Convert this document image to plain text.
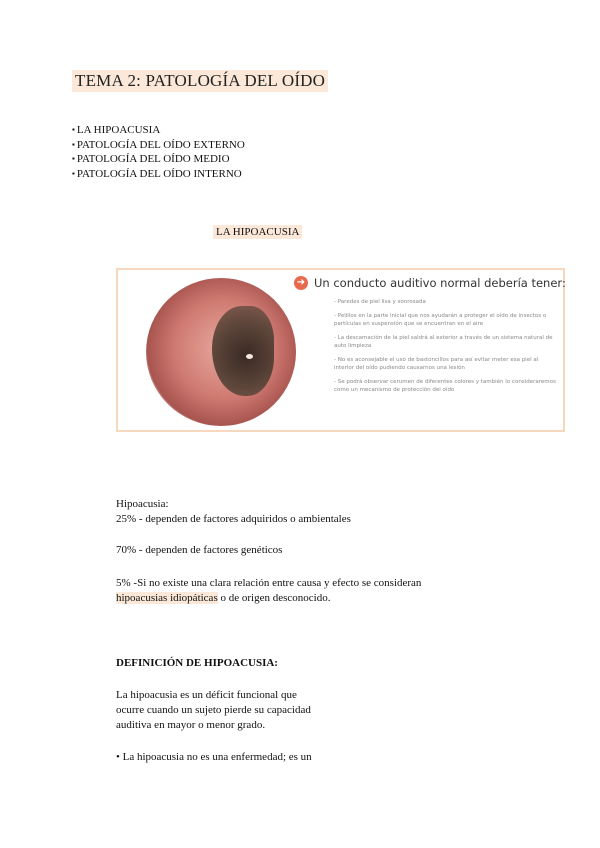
TEMA 2: PATOLOGÍA DEL OÍDO
▪ LA HIPOACUSIA
▪ PATOLOGÍA DEL OÍDO EXTERNO
▪ PATOLOGÍA DEL OÍDO MEDIO
▪ PATOLOGÍA DEL OÍDO INTERNO
LA HIPOACUSIA
➜ Un conducto auditivo normal debería tener:
- Paredes de piel lisa y sonrosada
- Pelillos en la parte inicial que nos ayudarán a proteger el oído de insectos o partículas en suspensión que se encuentran en el aire
- La descamación de la piel saldrá al exterior a través de un sistema natural de auto limpieza
- No es aconsejable el uso de bastoncillos para así evitar meter esa piel al interior del oído pudiendo causarnos una lesión
- Se podrá observar cerumen de diferentes colores y también lo consideraremos como un mecanismo de protección del oído
Hipoacusia:
25% - dependen de factores adquiridos o ambientales
70% - dependen de factores genéticos
5% -Si no existe una clara relación entre causa y efecto se consideran
hipoacusias idiopáticas o de origen desconocido.
DEFINICIÓN DE HIPOACUSIA:
La hipoacusia es un déficit funcional que
ocurre cuando un sujeto pierde su capacidad
auditiva en mayor o menor grado.
• La hipoacusia no es una enfermedad; es un
